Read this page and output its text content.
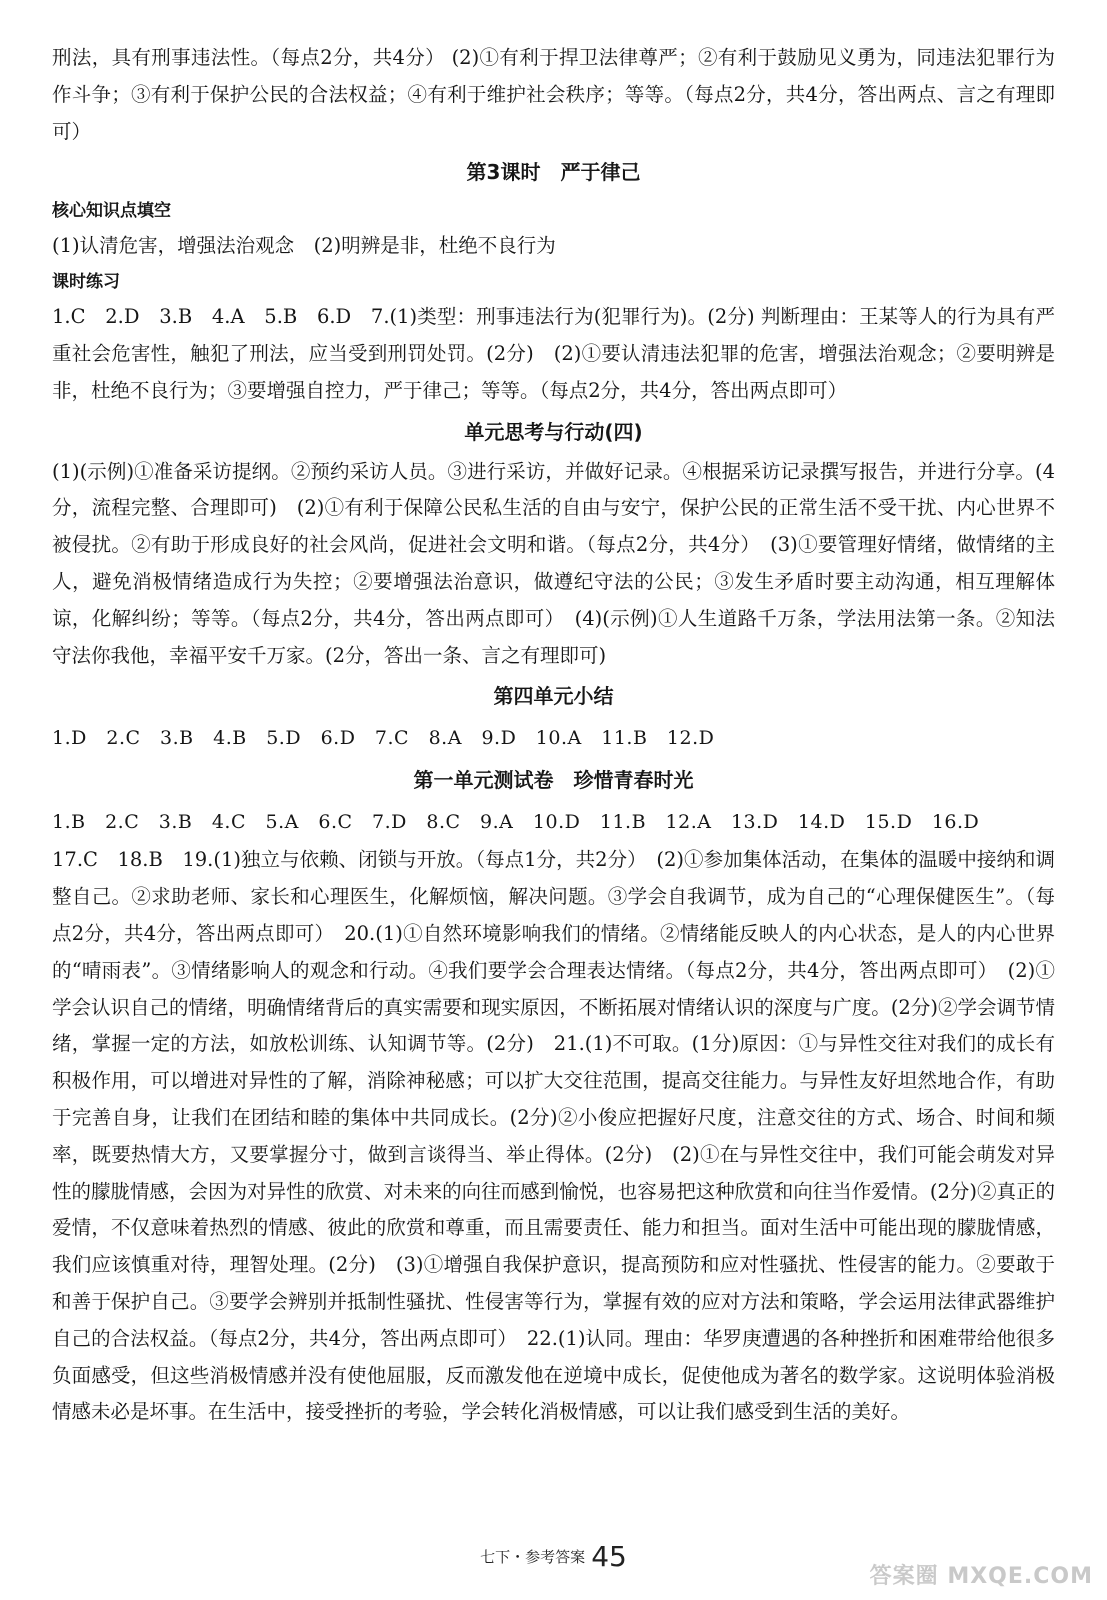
刑法，具有刑事违法性。（每点2分，共4分） (2)①有利于捍卫法律尊严；②有利于鼓励见义勇为，同违法犯罪行为作斗争；③有利于保护公民的合法权益；④有利于维护社会秩序；等等。（每点2分，共4分，答出两点、言之有理即可）

第3课时　严于律己
核心知识点填空

(1)认清危害，增强法治观念　(2)明辨是非，杜绝不良行为

课时练习

1.C　2.D　3.B　4.A　5.B　6.D　7.(1)类型：刑事违法行为(犯罪行为)。(2分) 判断理由：王某等人的行为具有严重社会危害性，触犯了刑法，应当受到刑罚处罚。(2分)　(2)①要认清违法犯罪的危害，增强法治观念；②要明辨是非，杜绝不良行为；③要增强自控力，严于律己；等等。（每点2分，共4分，答出两点即可）

单元思考与行动(四)

(1)(示例)①准备采访提纲。②预约采访人员。③进行采访，并做好记录。④根据采访记录撰写报告，并进行分享。(4分，流程完整、合理即可)　(2)①有利于保障公民私生活的自由与安宁，保护公民的正常生活不受干扰、内心世界不被侵扰。②有助于形成良好的社会风尚，促进社会文明和谐。（每点2分，共4分）　(3)①要管理好情绪，做情绪的主人，避免消极情绪造成行为失控；②要增强法治意识，做遵纪守法的公民；③发生矛盾时要主动沟通，相互理解体谅，化解纠纷；等等。（每点2分，共4分，答出两点即可）　(4)(示例)①人生道路千万条，学法用法第一条。②知法守法你我他，幸福平安千万家。(2分，答出一条、言之有理即可)

第四单元小结

1.D　2.C　3.B　4.B　5.D　6.D　7.C　8.A　9.D　10.A　11.B　12.D

第一单元测试卷　珍惜青春时光

1.B　2.C　3.B　4.C　5.A　6.C　7.D　8.C　9.A　10.D　11.B　12.A　13.D　14.D　15.D　16.D

17.C　18.B　19.(1)独立与依赖、闭锁与开放。（每点1分，共2分）　(2)①参加集体活动，在集体的温暖中接纳和调整自己。②求助老师、家长和心理医生，化解烦恼，解决问题。③学会自我调节，成为自己的“心理保健医生”。（每点2分，共4分，答出两点即可）　20.(1)①自然环境影响我们的情绪。②情绪能反映人的内心状态，是人的内心世界的“晴雨表”。③情绪影响人的观念和行动。④我们要学会合理表达情绪。（每点2分，共4分，答出两点即可）　(2)①学会认识自己的情绪，明确情绪背后的真实需要和现实原因，不断拓展对情绪认识的深度与广度。(2分)②学会调节情绪，掌握一定的方法，如放松训练、认知调节等。(2分)　21.(1)不可取。(1分)原因：①与异性交往对我们的成长有积极作用，可以增进对异性的了解，消除神秘感；可以扩大交往范围，提高交往能力。与异性友好坦然地合作，有助于完善自身，让我们在团结和睦的集体中共同成长。(2分)②小俊应把握好尺度，注意交往的方式、场合、时间和频率，既要热情大方，又要掌握分寸，做到言谈得当、举止得体。(2分)　(2)①在与异性交往中，我们可能会萌发对异性的朦胧情感，会因为对异性的欣赏、对未来的向往而感到愉悦，也容易把这种欣赏和向往当作爱情。(2分)②真正的爱情，不仅意味着热烈的情感、彼此的欣赏和尊重，而且需要责任、能力和担当。面对生活中可能出现的朦胧情感，我们应该慎重对待，理智处理。(2分)　(3)①增强自我保护意识，提高预防和应对性骚扰、性侵害的能力。②要敢于和善于保护自己。③要学会辨别并抵制性骚扰、性侵害等行为，掌握有效的应对方法和策略，学会运用法律武器维护自己的合法权益。（每点2分，共4分，答出两点即可）　22.(1)认同。理由：华罗庚遭遇的各种挫折和困难带给他很多负面感受，但这些消极情感并没有使他屈服，反而激发他在逆境中成长，促使他成为著名的数学家。这说明体验消极情感未必是坏事。在生活中，接受挫折的考验，学会转化消极情感，可以让我们感受到生活的美好。

七下・参考答案 45
答案圈 MXQE.COM
